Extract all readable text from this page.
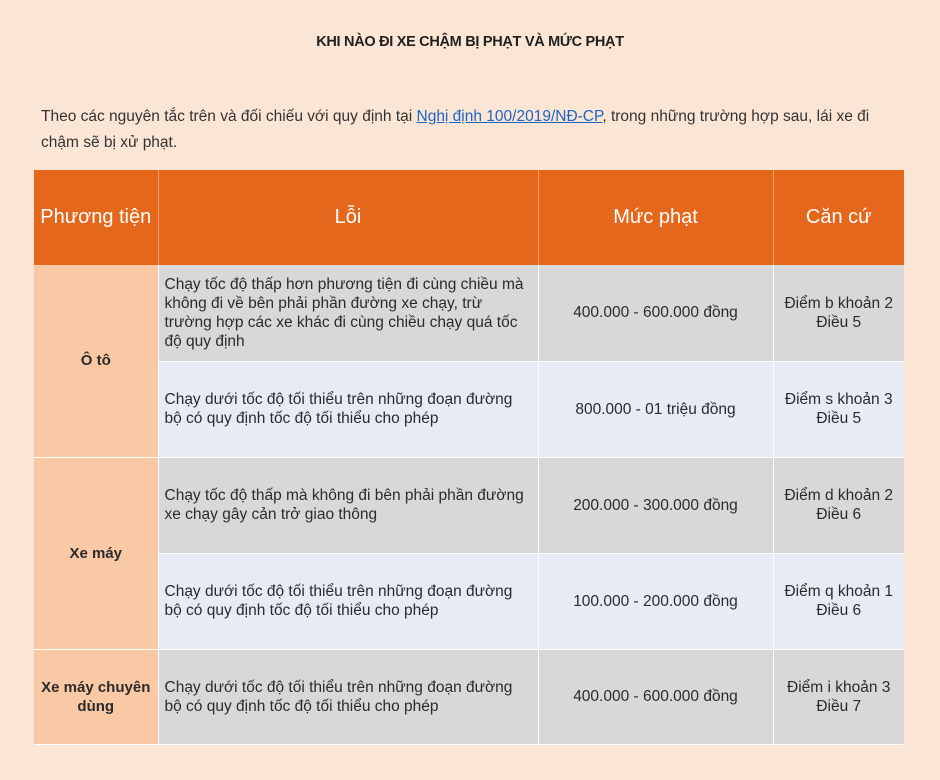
KHI NÀO ĐI XE CHẬM BỊ PHẠT VÀ MỨC PHẠT

Theo các nguyên tắc trên và đối chiếu với quy định tại Nghị định 100/2019/NĐ-CP, trong những trường hợp sau, lái xe đi chậm sẽ bị xử phạt.

Phương tiện	Lỗi	Mức phạt	Căn cứ
Ô tô	Chạy tốc độ thấp hơn phương tiện đi cùng chiều mà không đi về bên phải phần đường xe chạy, trừ trường hợp các xe khác đi cùng chiều chạy quá tốc độ quy định	400.000 - 600.000 đồng	Điểm b khoản 2 Điều 5
	Chạy dưới tốc độ tối thiểu trên những đoạn đường bộ có quy định tốc độ tối thiểu cho phép	800.000 - 01 triệu đồng	Điểm s khoản 3 Điều 5
Xe máy	Chạy tốc độ thấp mà không đi bên phải phần đường xe chạy gây cản trở giao thông	200.000 - 300.000 đồng	Điểm d khoản 2 Điều 6
	Chạy dưới tốc độ tối thiểu trên những đoạn đường bộ có quy định tốc độ tối thiểu cho phép	100.000 - 200.000 đồng	Điểm q khoản 1 Điều 6
Xe máy chuyên dùng	Chạy dưới tốc độ tối thiểu trên những đoạn đường bộ có quy định tốc độ tối thiểu cho phép	400.000 - 600.000 đồng	Điểm i khoản 3 Điều 7
